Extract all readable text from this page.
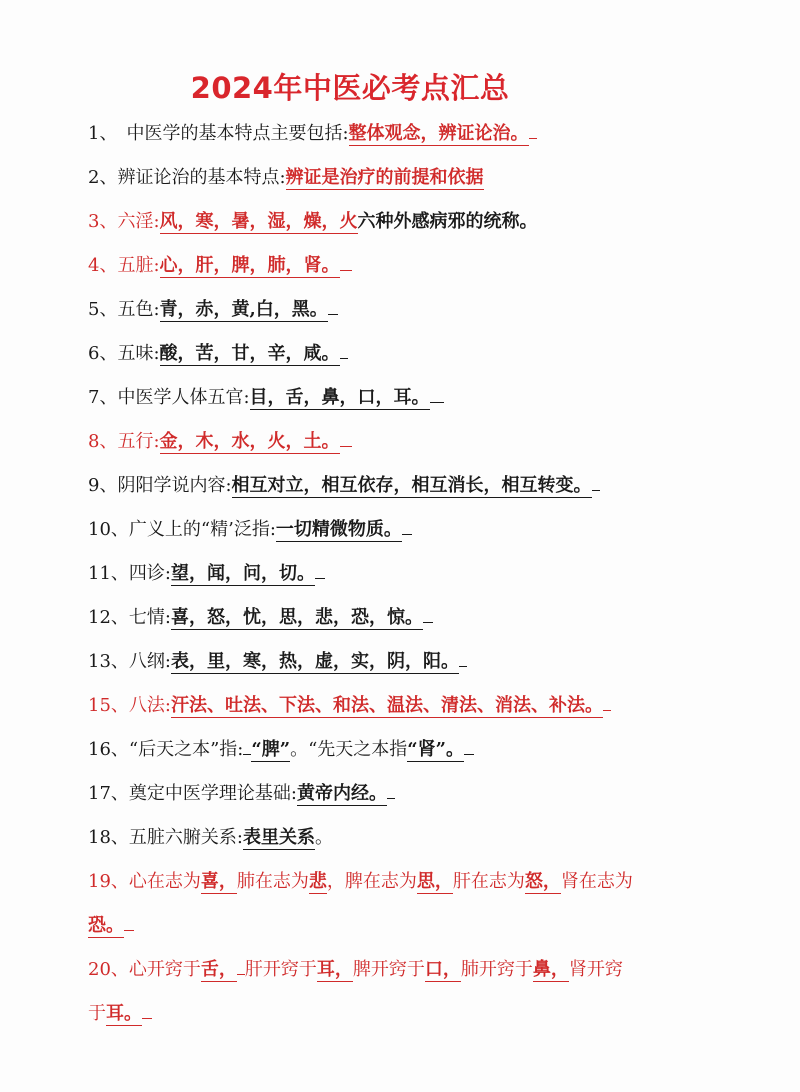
2024年中医必考点汇总
1、　中医学的基本特点主要包括:整体观念，辨证论治。
2、辨证论治的基本特点:辨证是治疗的前提和依据
3、六淫:风，寒，暑，湿，燥，火六种外感病邪的统称。
4、五脏:心，肝，脾，肺，肾。
5、五色:青，赤，黄,白，黑。
6、五味:酸，苦，甘，辛，咸。
7、中医学人体五官:目，舌，鼻，口，耳。
8、五行:金，木，水，火，土。
9、阴阳学说内容:相互对立，相互依存，相互消长，相互转变。
10、广义上的“精’泛指:一切精微物质。
11、四诊:望，闻，问，切。
12、七情:喜，怒，忧，思，悲，恐，惊。
13、八纲:表，里，寒，热，虚，实，阴，阳。
15、八法:汗法、吐法、下法、和法、温法、清法、消法、补法。
16、“后天之本”指: “脾”。“先天之本指“肾”。
17、奠定中医学理论基础:黄帝内经。
18、五脏六腑关系:表里关系。
19、心在志为喜，肺在志为悲，脾在志为思，肝在志为怒，肾在志为
恐。
20、心开窍于舌， 肝开窍于耳，脾开窍于口，肺开窍于鼻，肾开窍
于耳。
